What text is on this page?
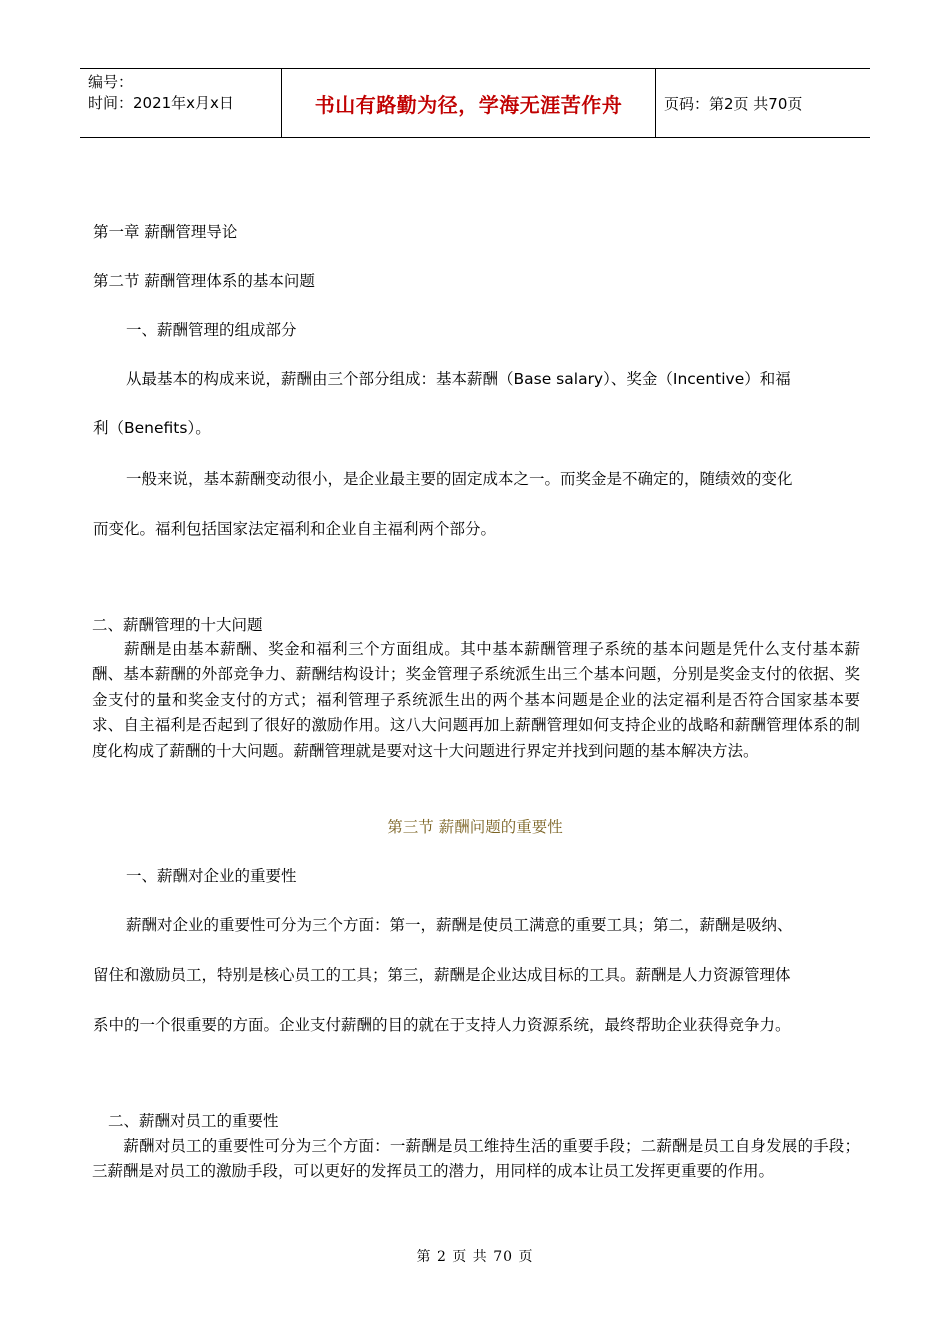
编号：
时间：2021年x月x日	书山有路勤为径，学海无涯苦作舟	页码：第2页 共70页
第一章 薪酬管理导论
第二节 薪酬管理体系的基本问题
一、薪酬管理的组成部分
从最基本的构成来说，薪酬由三个部分组成：基本薪酬（Base salary）、奖金（Incentive）和福
利（Benefits）。
一般来说，基本薪酬变动很小，是企业最主要的固定成本之一。而奖金是不确定的，随绩效的变化
而变化。福利包括国家法定福利和企业自主福利两个部分。
二、薪酬管理的十大问题
　　薪酬是由基本薪酬、奖金和福利三个方面组成。其中基本薪酬管理子系统的基本问题是凭什么支付基本薪酬、基本薪酬的外部竞争力、薪酬结构设计；奖金管理子系统派生出三个基本问题，分别是奖金支付的依据、奖金支付的量和奖金支付的方式；福利管理子系统派生出的两个基本问题是企业的法定福利是否符合国家基本要求、自主福利是否起到了很好的激励作用。这八大问题再加上薪酬管理如何支持企业的战略和薪酬管理体系的制度化构成了薪酬的十大问题。薪酬管理就是要对这十大问题进行界定并找到问题的基本解决方法。
第三节 薪酬问题的重要性
一、薪酬对企业的重要性
薪酬对企业的重要性可分为三个方面：第一，薪酬是使员工满意的重要工具；第二，薪酬是吸纳、
留住和激励员工，特别是核心员工的工具；第三，薪酬是企业达成目标的工具。薪酬是人力资源管理体
系中的一个很重要的方面。企业支付薪酬的目的就在于支持人力资源系统，最终帮助企业获得竞争力。
二、薪酬对员工的重要性
　　薪酬对员工的重要性可分为三个方面：一薪酬是员工维持生活的重要手段；二薪酬是员工自身发展的手段；三薪酬是对员工的激励手段，可以更好的发挥员工的潜力，用同样的成本让员工发挥更重要的作用。
第 2 页 共 70 页
